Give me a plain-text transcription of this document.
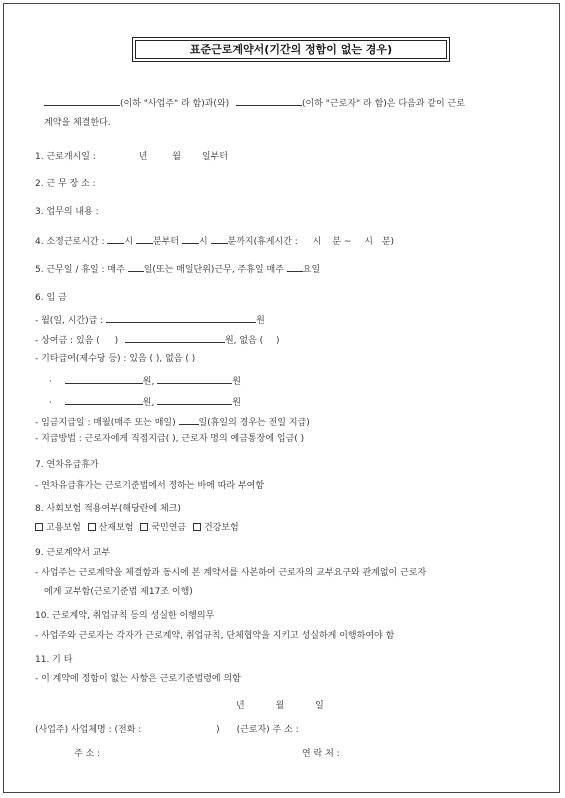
표준근로계약서(기간의 정함이 없는 경우)
(이하 "사업주" 라 함)과(와)	(이하 "근로자" 라 함)은 다음과 같이 근로
계약을 체결한다.
1. 근로개시일 :	년	월 일부터
2. 근 무 장 소 :
3. 업무의 내용 :
4. 소정근로시간 : 시 분부터 시 분까지(휴게시간 : 시 분 ~ 시 분)
5. 근무일 / 휴일 : 매주 일(또는 매일단위)근무, 주휴일 매주 요일
6. 임 금
- 월(일, 시간)급 :	원
- 상여금 : 있음 ( )	원, 없음 ( )
- 기타급여(제수당 등) : 있음 ( ), 없음 ( )
·	원,	원
·	원,	원
- 임금지급일 : 매월(매주 또는 매일)	일(휴일의 경우는 전일 지급)
- 지급방법 : 근로자에게 직접지급( ), 근로자 명의 예금통장에 입금( )
7. 연차유급휴가
- 연차유급휴가는 근로기준법에서 정하는 바에 따라 부여함
8. 사회보험 적용여부(해당란에 체크)
고용보험 산재보험 국민연금 건강보험
9. 근로계약서 교부
- 사업주는 근로계약을 체결함과 동시에 본 계약서를 사본하여 근로자의 교부요구와 관계없이 근로자
에게 교부함(근로기준법 제17조 이행)
10. 근로계약, 취업규칙 등의 성실한 이행의무
- 사업주와 근로자는 각자가 근로계약, 취업규칙, 단체협약을 지키고 성실하게 이행하여야 함
11. 기 타
- 이 계약에 정함이 없는 사항은 근로기준법령에 의함
년	월	일
(사업주) 사업체명 : (전화 :	) (근로자) 주 소 :
주 소 :	연 락 처 :
